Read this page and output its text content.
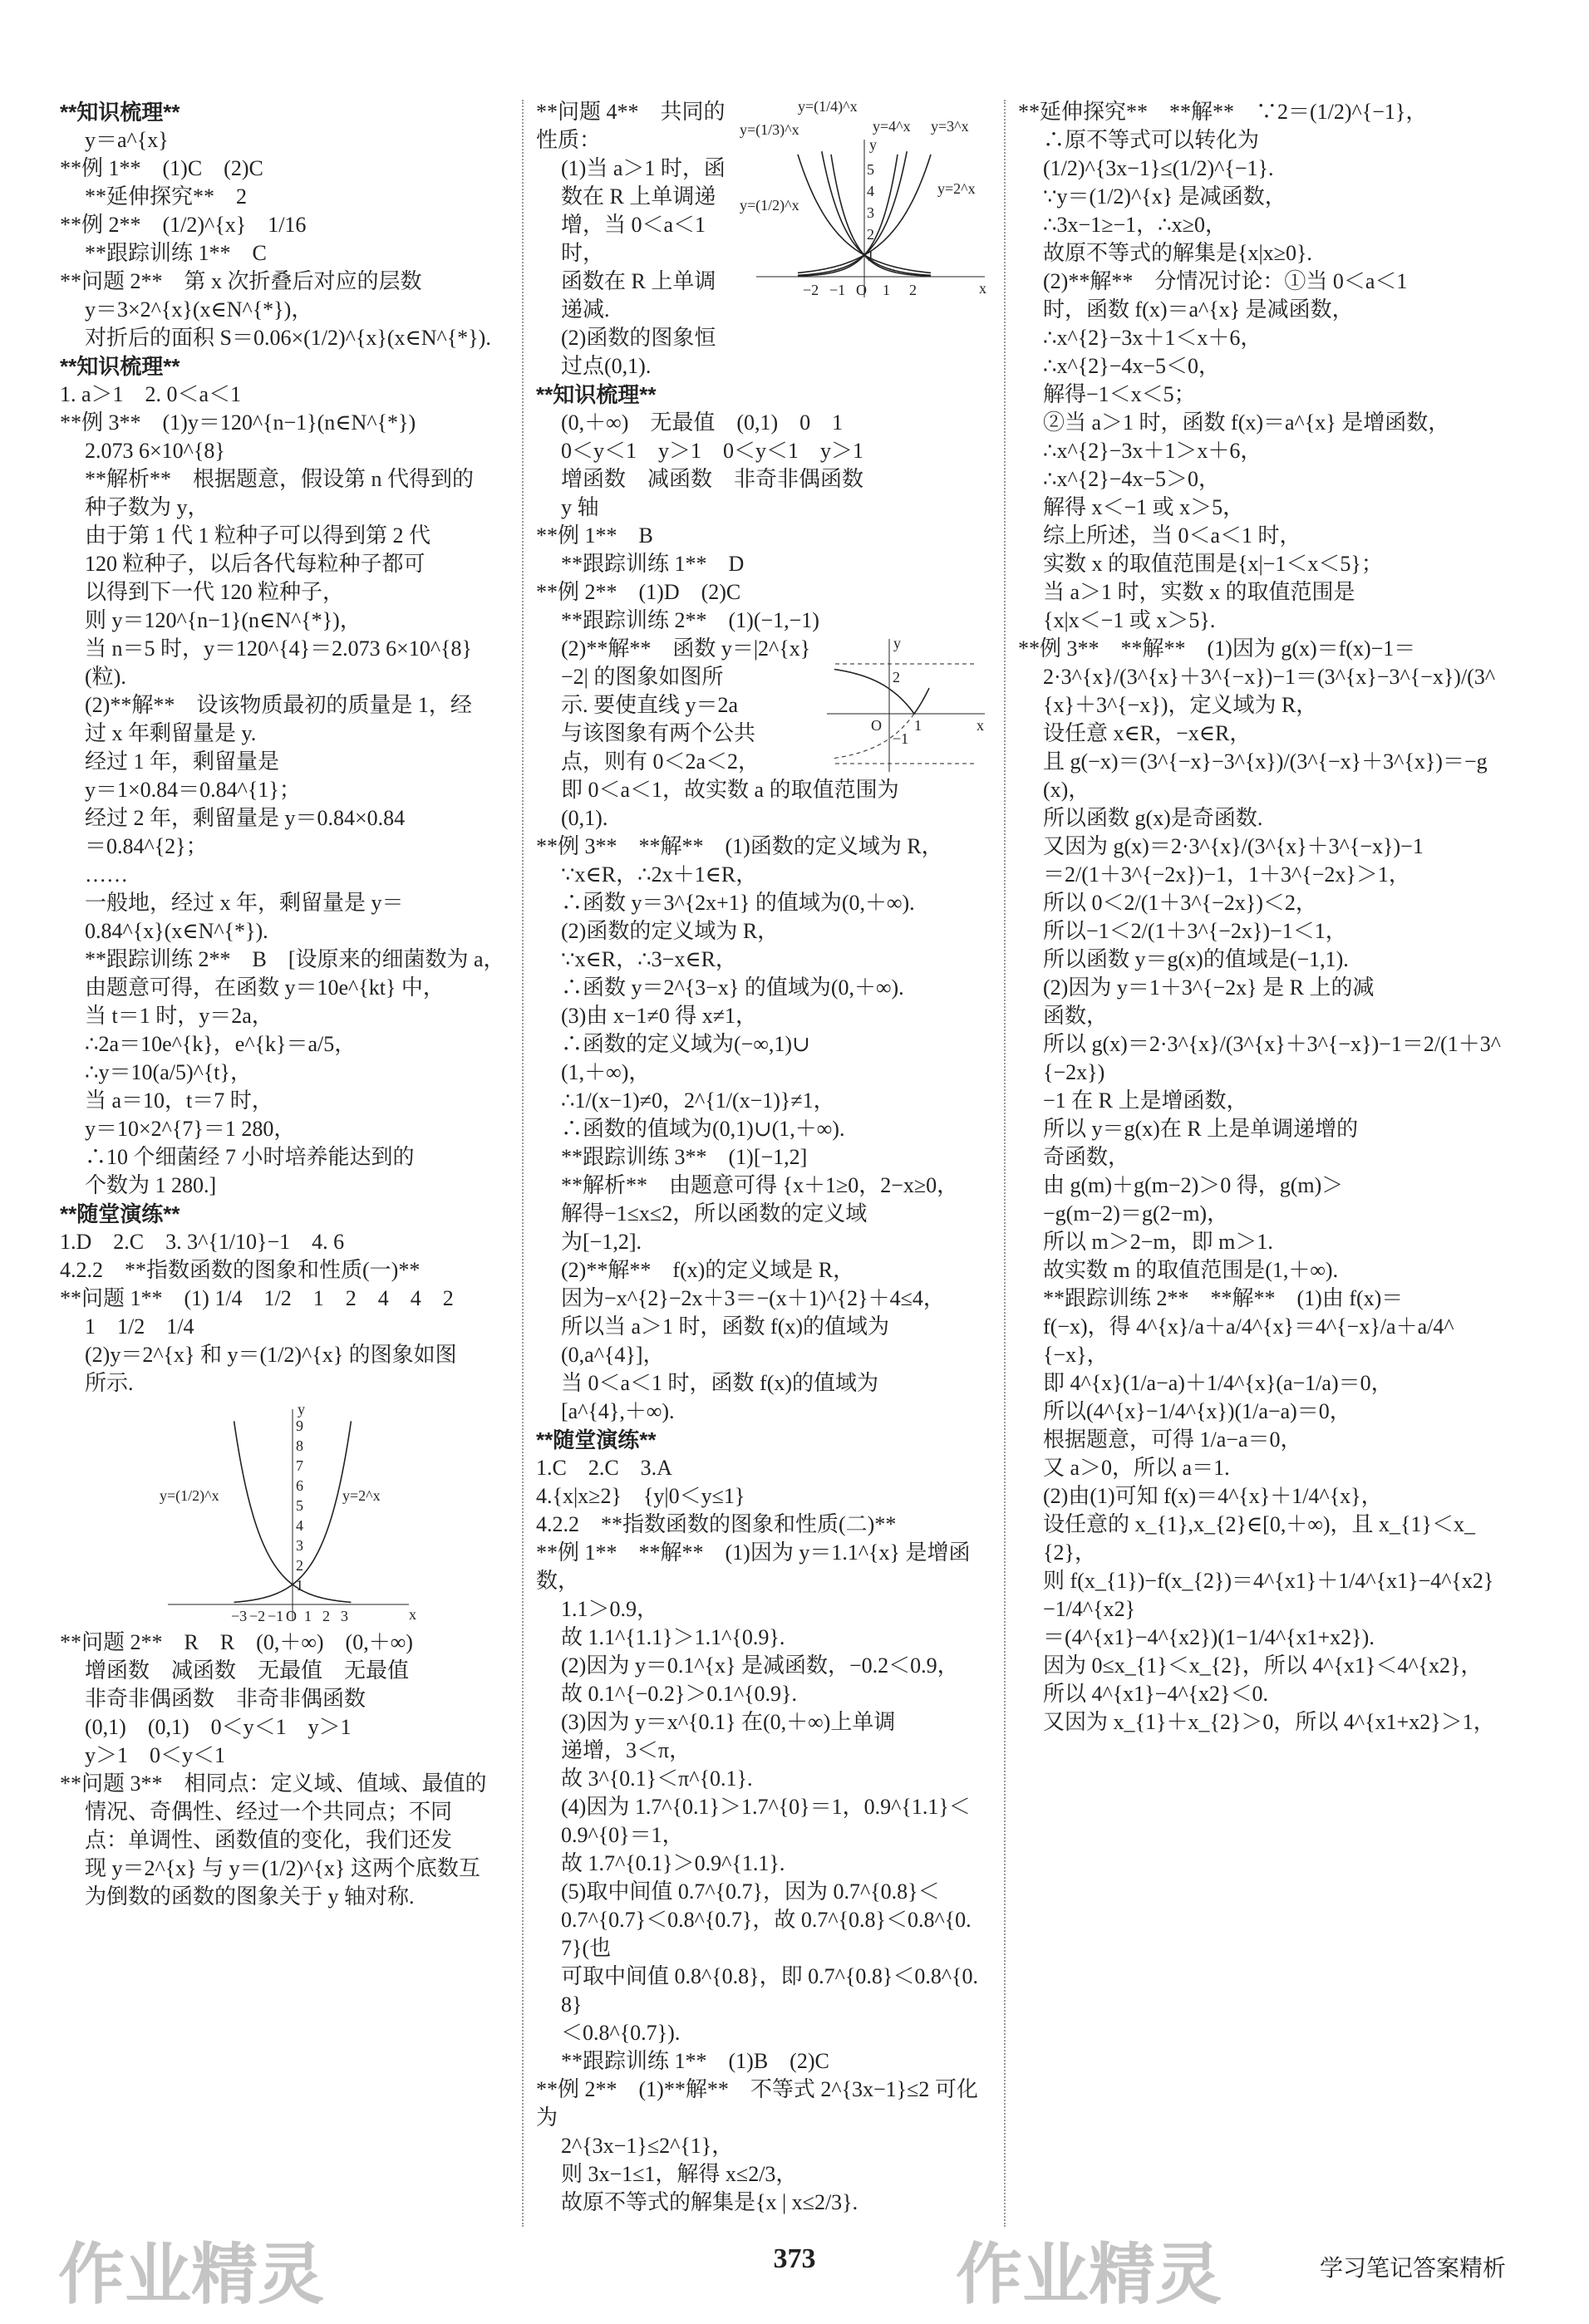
**知识梳理**
y＝a^{x}
**例 1**　(1)C　(2)C
**延伸探究**　2
**例 2**　(1/2)^{x}　1/16
**跟踪训练 1**　C
**问题 2**　第 x 次折叠后对应的层数
y＝3×2^{x}(x∈N^{*})，
对折后的面积 S＝0.06×(1/2)^{x}(x∈N^{*}).
**知识梳理**
1. a＞1　2. 0＜a＜1
**例 3**　(1)y＝120^{n−1}(n∈N^{*})
2.073 6×10^{8}
**解析**　根据题意，假设第 n 代得到的
种子数为 y，
由于第 1 代 1 粒种子可以得到第 2 代
120 粒种子，以后各代每粒种子都可
以得到下一代 120 粒种子，
则 y＝120^{n−1}(n∈N^{*})，
当 n＝5 时，y＝120^{4}＝2.073 6×10^{8}(粒).
(2)**解**　设该物质最初的质量是 1，经
过 x 年剩留量是 y.
经过 1 年，剩留量是
y＝1×0.84＝0.84^{1}；
经过 2 年，剩留量是 y＝0.84×0.84
＝0.84^{2}；
……
一般地，经过 x 年，剩留量是 y＝
0.84^{x}(x∈N^{*}).
**跟踪训练 2**　B　[设原来的细菌数为 a，
由题意可得，在函数 y＝10e^{kt} 中，
当 t＝1 时，y＝2a，
∴2a＝10e^{k}，e^{k}＝a/5，
∴y＝10(a/5)^{t}，
当 a＝10，t＝7 时，
y＝10×2^{7}＝1 280，
∴10 个细菌经 7 小时培养能达到的
个数为 1 280.]
**随堂演练**
1.D　2.C　3. 3^{1/10}−1　4. 6
4.2.2　**指数函数的图象和性质(一)**
**问题 1**　(1) 1/4　1/2　1　2　4　4　2
1　1/2　1/4
(2)y＝2^{x} 和 y＝(1/2)^{x} 的图象如图
所示.
1
2
3
4
5
6
7
8
9
−3 −2 −1 O 1 2 3	x
y
y=(1/2)^x	y=2^x
**问题 2**　R　R　(0,＋∞)　(0,＋∞)
增函数　减函数　无最值　无最值
非奇非偶函数　非奇非偶函数
(0,1)　(0,1)　0＜y＜1　y＞1
y＞1　0＜y＜1
**问题 3**　相同点：定义域、值域、最值的
情况、奇偶性、经过一个共同点；不同
点：单调性、函数值的变化，我们还发
现 y＝2^{x} 与 y＝(1/2)^{x} 这两个底数互
为倒数的函数的图象关于 y 轴对称.
1
2
3
4
5
−2 −1 O 1 2	x
y
y=(1/4)^x
y=(1/3)^x
y=(1/2)^x
y=4^x y=3^x
y=2^x
**问题 4**　共同的性质：
(1)当 a＞1 时，函
数在 R 上单调递
增，当 0＜a＜1 时，
函数在 R 上单调
递减.
(2)函数的图象恒
过点(0,1).
**知识梳理**
(0,＋∞)　无最值　(0,1)　0　1
0＜y＜1　y＞1　0＜y＜1　y＞1
增函数　减函数　非奇非偶函数
y 轴
**例 1**　B
**跟踪训练 1**　D
**例 2**　(1)D　(2)C
**跟踪训练 2**　(1)(−1,−1)
2
−1
O 1	x
y
(2)**解**　函数 y＝|2^{x}
−2| 的图象如图所
示. 要使直线 y＝2a
与该图象有两个公共
点，则有 0＜2a＜2，
即 0＜a＜1，故实数 a 的取值范围为
(0,1).
**例 3**　**解**　(1)函数的定义域为 R，
∵x∈R，∴2x＋1∈R，
∴函数 y＝3^{2x+1} 的值域为(0,＋∞).
(2)函数的定义域为 R，
∵x∈R，∴3−x∈R，
∴函数 y＝2^{3−x} 的值域为(0,＋∞).
(3)由 x−1≠0 得 x≠1，
∴函数的定义域为(−∞,1)∪
(1,＋∞)，
∴1/(x−1)≠0，2^{1/(x−1)}≠1，
∴函数的值域为(0,1)∪(1,＋∞).
**跟踪训练 3**　(1)[−1,2]
**解析**　由题意可得 {x＋1≥0，2−x≥0，
解得−1≤x≤2，所以函数的定义域
为[−1,2].
(2)**解**　f(x)的定义域是 R，
因为−x^{2}−2x＋3＝−(x＋1)^{2}＋4≤4，
所以当 a＞1 时，函数 f(x)的值域为
(0,a^{4}]，
当 0＜a＜1 时，函数 f(x)的值域为
[a^{4},＋∞).
**随堂演练**
1.C　2.C　3.A
4.{x|x≥2}　{y|0＜y≤1}
4.2.2　**指数函数的图象和性质(二)**
**例 1**　**解**　(1)因为 y＝1.1^{x} 是增函数，
1.1＞0.9，
故 1.1^{1.1}＞1.1^{0.9}.
(2)因为 y＝0.1^{x} 是减函数，−0.2＜0.9，
故 0.1^{−0.2}＞0.1^{0.9}.
(3)因为 y＝x^{0.1} 在(0,＋∞)上单调
递增，3＜π，
故 3^{0.1}＜π^{0.1}.
(4)因为 1.7^{0.1}＞1.7^{0}＝1，0.9^{1.1}＜
0.9^{0}＝1，
故 1.7^{0.1}＞0.9^{1.1}.
(5)取中间值 0.7^{0.7}，因为 0.7^{0.8}＜
0.7^{0.7}＜0.8^{0.7}，故 0.7^{0.8}＜0.8^{0.7}(也
可取中间值 0.8^{0.8}，即 0.7^{0.8}＜0.8^{0.8}
＜0.8^{0.7}).
**跟踪训练 1**　(1)B　(2)C
**例 2**　(1)**解**　不等式 2^{3x−1}≤2 可化为
2^{3x−1}≤2^{1}，
则 3x−1≤1，解得 x≤2/3，
故原不等式的解集是{x | x≤2/3}.
**延伸探究**　**解**　∵2＝(1/2)^{−1}，
∴原不等式可以转化为
(1/2)^{3x−1}≤(1/2)^{−1}.
∵y＝(1/2)^{x} 是减函数，
∴3x−1≥−1，∴x≥0，
故原不等式的解集是{x|x≥0}.
(2)**解**　分情况讨论：①当 0＜a＜1
时，函数 f(x)＝a^{x} 是减函数，
∴x^{2}−3x＋1＜x＋6，
∴x^{2}−4x−5＜0，
解得−1＜x＜5；
②当 a＞1 时，函数 f(x)＝a^{x} 是增函数，
∴x^{2}−3x＋1＞x＋6，
∴x^{2}−4x−5＞0，
解得 x＜−1 或 x＞5，
综上所述，当 0＜a＜1 时，
实数 x 的取值范围是{x|−1＜x＜5}；
当 a＞1 时，实数 x 的取值范围是
{x|x＜−1 或 x＞5}.
**例 3**　**解**　(1)因为 g(x)＝f(x)−1＝
2·3^{x}/(3^{x}＋3^{−x})−1＝(3^{x}−3^{−x})/(3^{x}＋3^{−x})，定义域为 R，
设任意 x∈R，−x∈R，
且 g(−x)＝(3^{−x}−3^{x})/(3^{−x}＋3^{x})＝−g(x)，
所以函数 g(x)是奇函数.
又因为 g(x)＝2·3^{x}/(3^{x}＋3^{−x})−1
＝2/(1＋3^{−2x})−1，1＋3^{−2x}＞1，
所以 0＜2/(1＋3^{−2x})＜2，
所以−1＜2/(1＋3^{−2x})−1＜1，
所以函数 y＝g(x)的值域是(−1,1).
(2)因为 y＝1＋3^{−2x} 是 R 上的减
函数，
所以 g(x)＝2·3^{x}/(3^{x}＋3^{−x})−1＝2/(1＋3^{−2x})
−1 在 R 上是增函数，
所以 y＝g(x)在 R 上是单调递增的
奇函数，
由 g(m)＋g(m−2)＞0 得，g(m)＞
−g(m−2)＝g(2−m)，
所以 m＞2−m，即 m＞1.
故实数 m 的取值范围是(1,＋∞).
**跟踪训练 2**　**解**　(1)由 f(x)＝
f(−x)，得 4^{x}/a＋a/4^{x}＝4^{−x}/a＋a/4^{−x}，
即 4^{x}(1/a−a)＋1/4^{x}(a−1/a)＝0，
所以(4^{x}−1/4^{x})(1/a−a)＝0，
根据题意，可得 1/a−a＝0，
又 a＞0，所以 a＝1.
(2)由(1)可知 f(x)＝4^{x}＋1/4^{x}，
设任意的 x_{1},x_{2}∈[0,＋∞)，且 x_{1}＜x_{2}，
则 f(x_{1})−f(x_{2})＝4^{x1}＋1/4^{x1}−4^{x2}−1/4^{x2}
＝(4^{x1}−4^{x2})(1−1/4^{x1+x2}).
因为 0≤x_{1}＜x_{2}，所以 4^{x1}＜4^{x2}，
所以 4^{x1}−4^{x2}＜0.
又因为 x_{1}＋x_{2}＞0，所以 4^{x1+x2}＞1，
作业精灵	作业精灵
373	学习笔记答案精析
